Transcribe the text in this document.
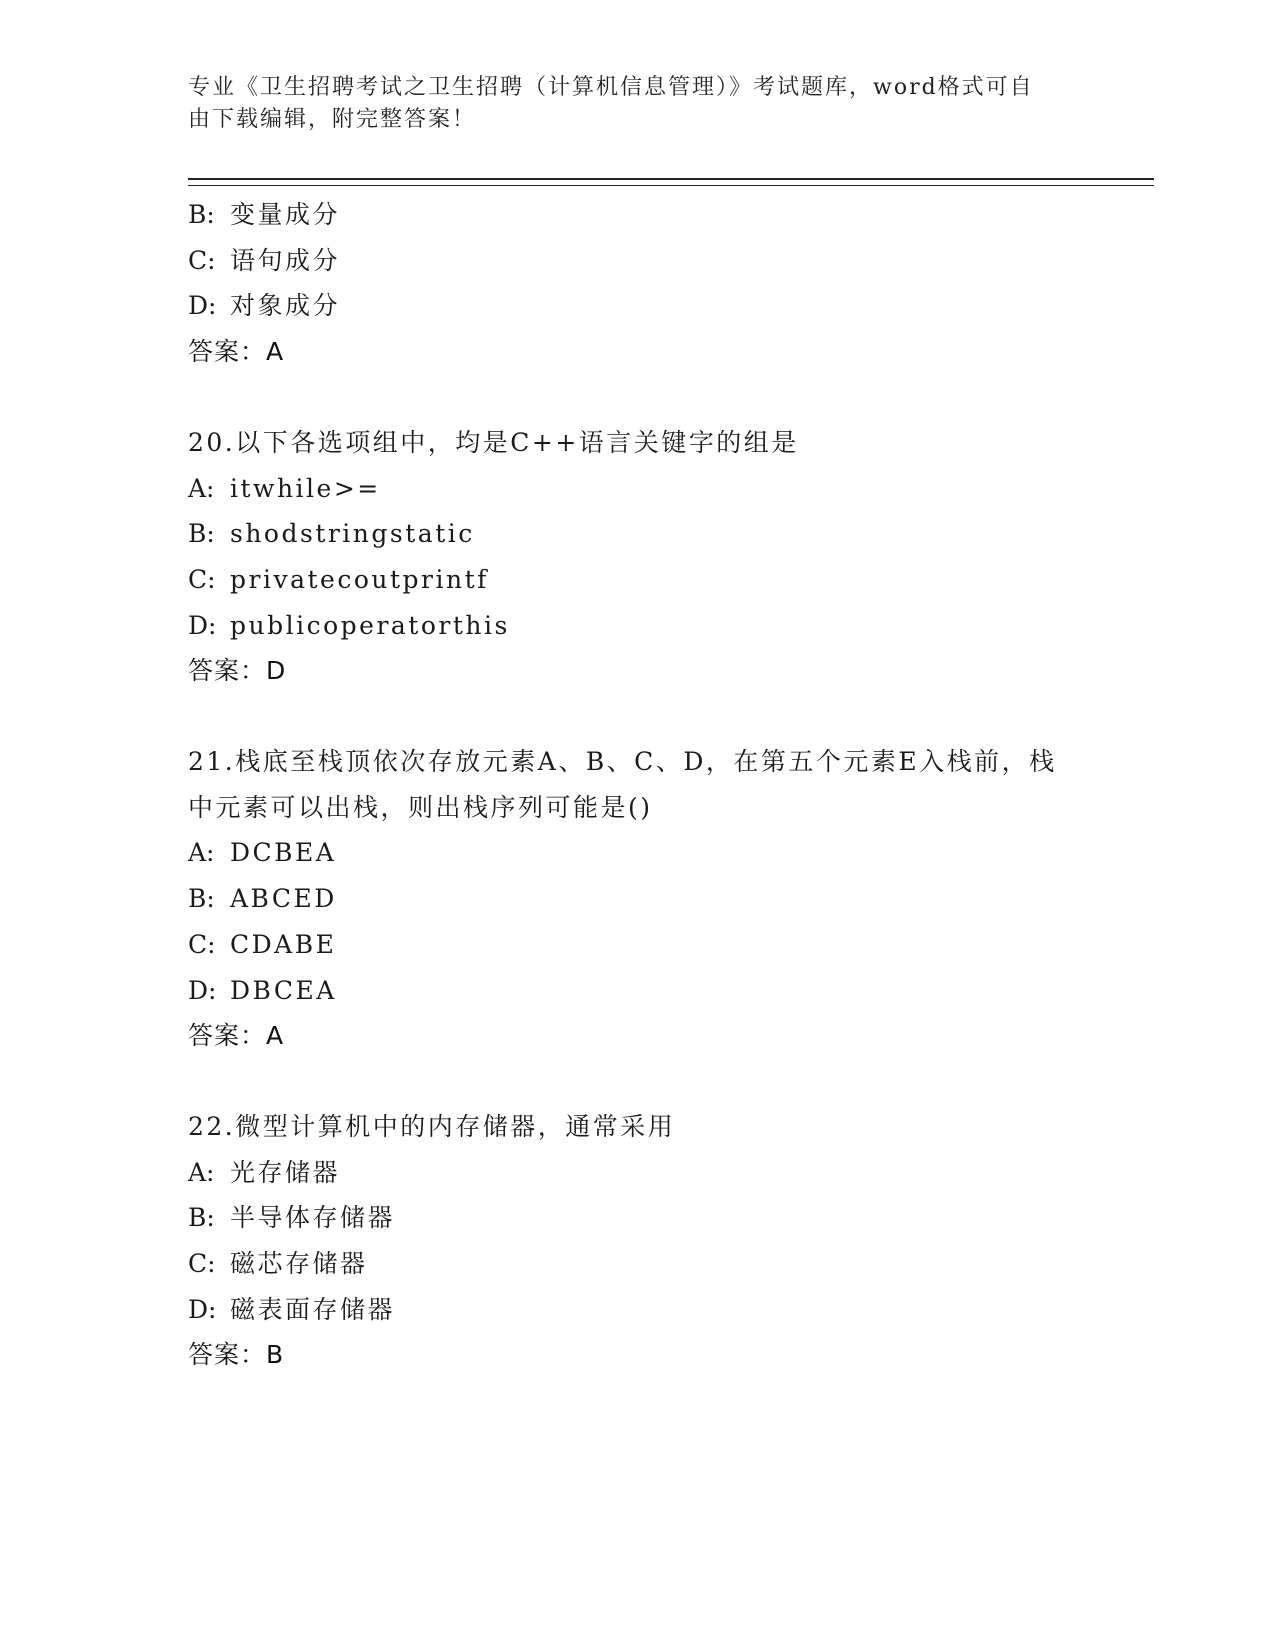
专业《卫生招聘考试之卫生招聘（计算机信息管理）》考试题库，word格式可自
由下载编辑，附完整答案！
B: 变量成分
C: 语句成分
D: 对象成分
答案：A
20.以下各选项组中，均是C++语言关键字的组是
A: itwhile>=
B: shodstringstatic
C: privatecoutprintf
D: publicoperatorthis
答案：D
21.栈底至栈顶依次存放元素A、B、C、D，在第五个元素E入栈前，栈
中元素可以出栈，则出栈序列可能是()
A: DCBEA
B: ABCED
C: CDABE
D: DBCEA
答案：A
22.微型计算机中的内存储器，通常采用
A: 光存储器
B: 半导体存储器
C: 磁芯存储器
D: 磁表面存储器
答案：B
